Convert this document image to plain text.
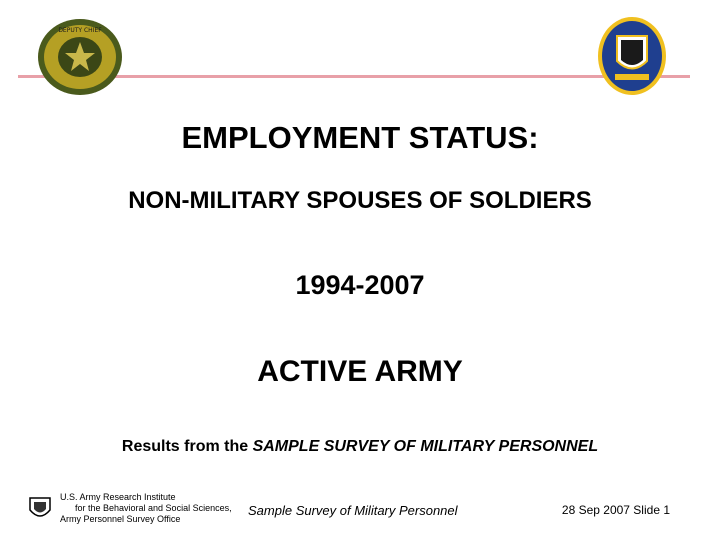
DEPUTY CHIEF
EMPLOYMENT STATUS:
NON-MILITARY SPOUSES OF SOLDIERS
1994-2007
ACTIVE ARMY
Results from the SAMPLE SURVEY OF MILITARY PERSONNEL
U.S. Army Research Institute
for the Behavioral and Social Sciences,
Army Personnel Survey Office
Sample Survey of Military Personnel	28 Sep 2007 Slide 1
